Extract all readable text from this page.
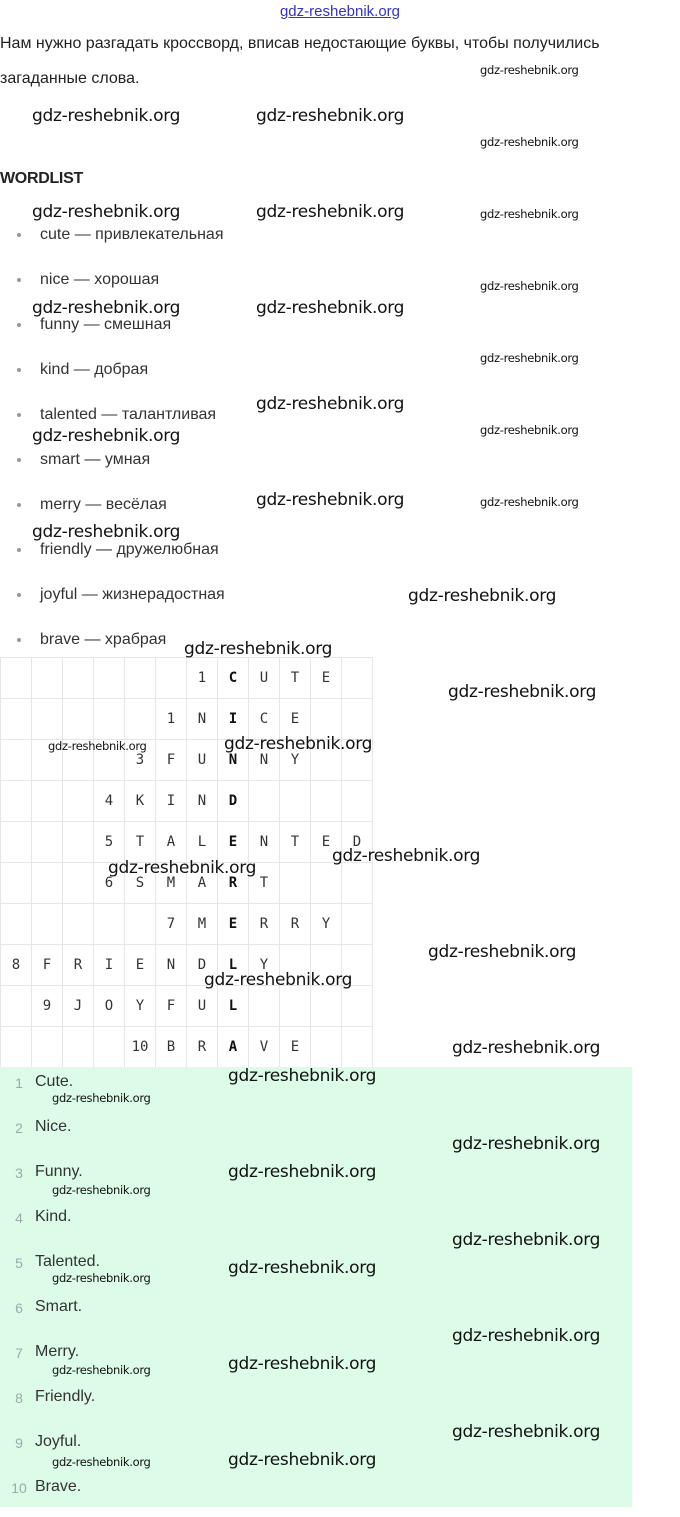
gdz-reshebnik.org
Нам нужно разгадать кроссворд, вписав недостающие буквы, чтобы получились загаданные слова.
WORDLIST
cute — привлекательная
nice — хорошая
funny — смешная
kind — добрая
talented — талантливая
smart — умная
merry — весёлая
friendly — дружелюбная
joyful — жизнерадостная
brave — храбрая
						1	C	U	T	E	
					1	N	I	C	E		
				3	F	U	N	N	Y		
			4	K	I	N	D				
			5	T	A	L	E	N	T	E	D
			6	S	M	A	R	T			
					7	M	E	R	R	Y	
8	F	R	I	E	N	D	L	Y			
	9	J	O	Y	F	U	L				
				10	B	R	A	V	E		
1 Cute.
2 Nice.
3 Funny.
4 Kind.
5 Talented.
6 Smart.
7 Merry.
8 Friendly.
9 Joyful.
10 Brave.
gdz-reshebnik.org
gdz-reshebnik.org	gdz-reshebnik.org
gdz-reshebnik.org
gdz-reshebnik.org	gdz-reshebnik.org	gdz-reshebnik.org
gdz-reshebnik.org
gdz-reshebnik.org	gdz-reshebnik.org
gdz-reshebnik.org
gdz-reshebnik.org
gdz-reshebnik.org	gdz-reshebnik.org
gdz-reshebnik.org	gdz-reshebnik.org
gdz-reshebnik.org
gdz-reshebnik.org
gdz-reshebnik.org
gdz-reshebnik.org
gdz-reshebnik.org	gdz-reshebnik.org
gdz-reshebnik.org
gdz-reshebnik.org
gdz-reshebnik.org
gdz-reshebnik.org
gdz-reshebnik.org
gdz-reshebnik.org
gdz-reshebnik.org
gdz-reshebnik.org
gdz-reshebnik.org
gdz-reshebnik.org
gdz-reshebnik.org
gdz-reshebnik.org
gdz-reshebnik.org
gdz-reshebnik.org
gdz-reshebnik.org
gdz-reshebnik.org
gdz-reshebnik.org
gdz-reshebnik.org
gdz-reshebnik.org
